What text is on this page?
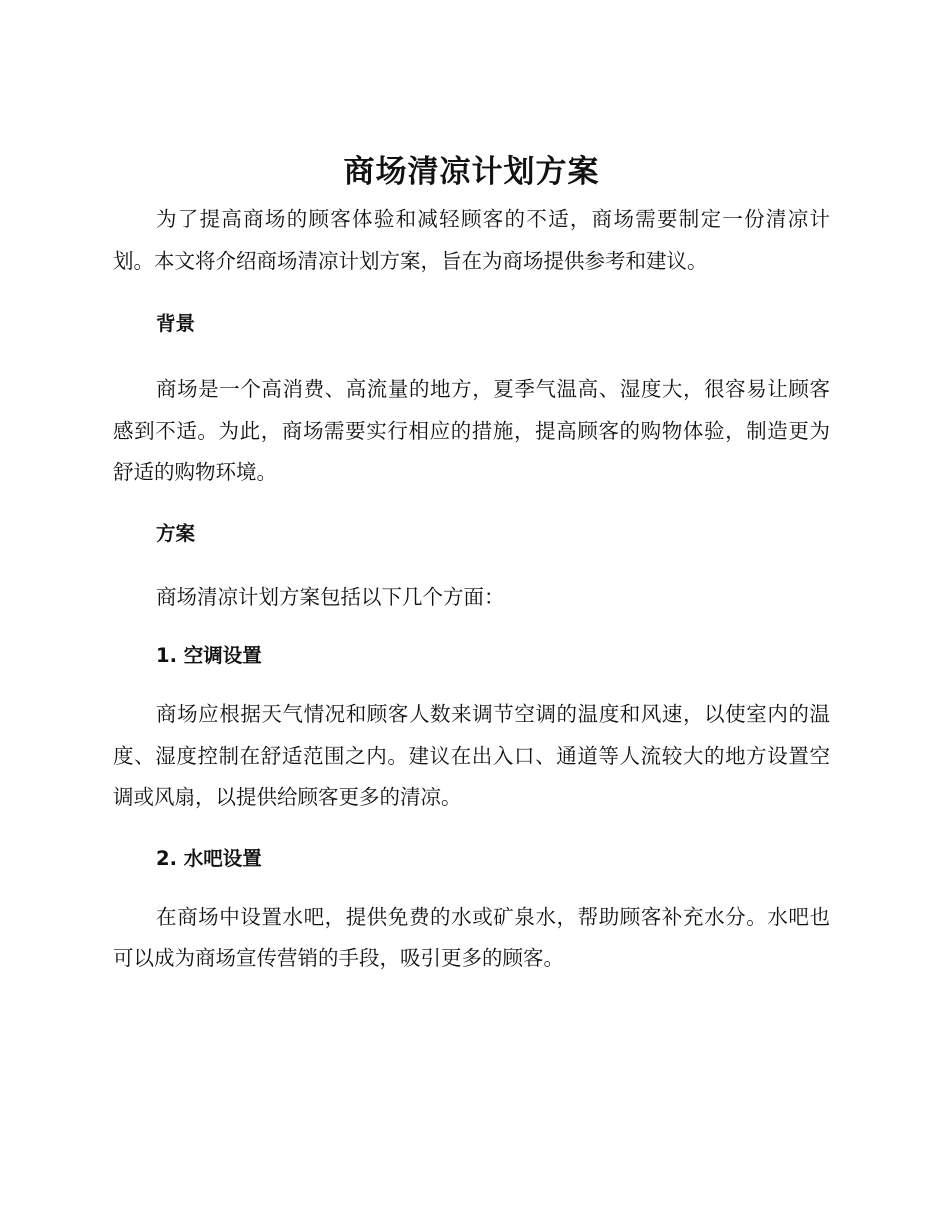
商场清凉计划方案

为了提高商场的顾客体验和减轻顾客的不适，商场需要制定一份清凉计划。本文将介绍商场清凉计划方案，旨在为商场提供参考和建议。

背景

商场是一个高消费、高流量的地方，夏季气温高、湿度大，很容易让顾客感到不适。为此，商场需要实行相应的措施，提高顾客的购物体验，制造更为舒适的购物环境。

方案

商场清凉计划方案包括以下几个方面：

1. 空调设置

商场应根据天气情况和顾客人数来调节空调的温度和风速，以使室内的温度、湿度控制在舒适范围之内。建议在出入口、通道等人流较大的地方设置空调或风扇，以提供给顾客更多的清凉。

2. 水吧设置

在商场中设置水吧，提供免费的水或矿泉水，帮助顾客补充水分。水吧也可以成为商场宣传营销的手段，吸引更多的顾客。
